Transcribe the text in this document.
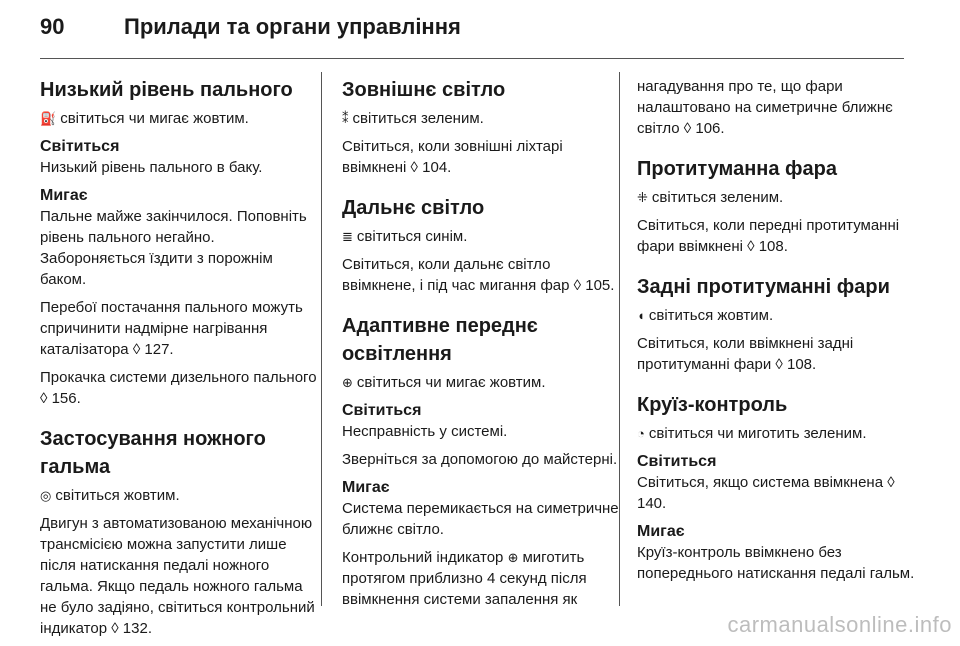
90	Прилади та органи управління
Низький рівень пального

⛽ світиться чи мигає жовтим.

Світиться

Низький рівень пального в баку.

Мигає

Пальне майже закінчилося. Поповніть рівень пального негайно. Забороняється їздити з порожнім баком.

Перебої постачання пального можуть спричинити надмірне нагрівання каталізатора ◊ 127.

Прокачка системи дизельного пального ◊ 156.

Застосування ножного гальма

◎ світиться жовтим.

Двигун з автоматизованою механічною трансмісією можна запустити лише після натискання педалі ножного гальма. Якщо педаль ножного гальма не було задіяно, світиться контрольний індикатор ◊ 132.

Зовнішнє світло

⁑ світиться зеленим.

Світиться, коли зовнішні ліхтарі ввімкнені ◊ 104.

Дальнє світло

≣ світиться синім.

Світиться, коли дальнє світло ввімкнене, і під час мигання фар ◊ 105.

Адаптивне переднє освітлення

⊕ світиться чи мигає жовтим.

Світиться

Несправність у системі.

Зверніться за допомогою до майстерні.

Мигає

Система перемикається на симетричне ближнє світло.

Контрольний індикатор ⊕ миготить протягом приблизно 4 секунд після ввімкнення системи запалення як

нагадування про те, що фари налаштовано на симетричне ближнє світло ◊ 106.

Протитуманна фара

⁜ світиться зеленим.

Світиться, коли передні протитуманні фари ввімкнені ◊ 108.

Задні протитуманні фари

◖ світиться жовтим.

Світиться, коли ввімкнені задні протитуманні фари ◊ 108.

Круїз-контроль

◔ світиться чи миготить зеленим.

Світиться

Світиться, якщо система ввімкнена ◊ 140.

Мигає

Круїз-контроль ввімкнено без попереднього натискання педалі гальм.

carmanualsonline.info
